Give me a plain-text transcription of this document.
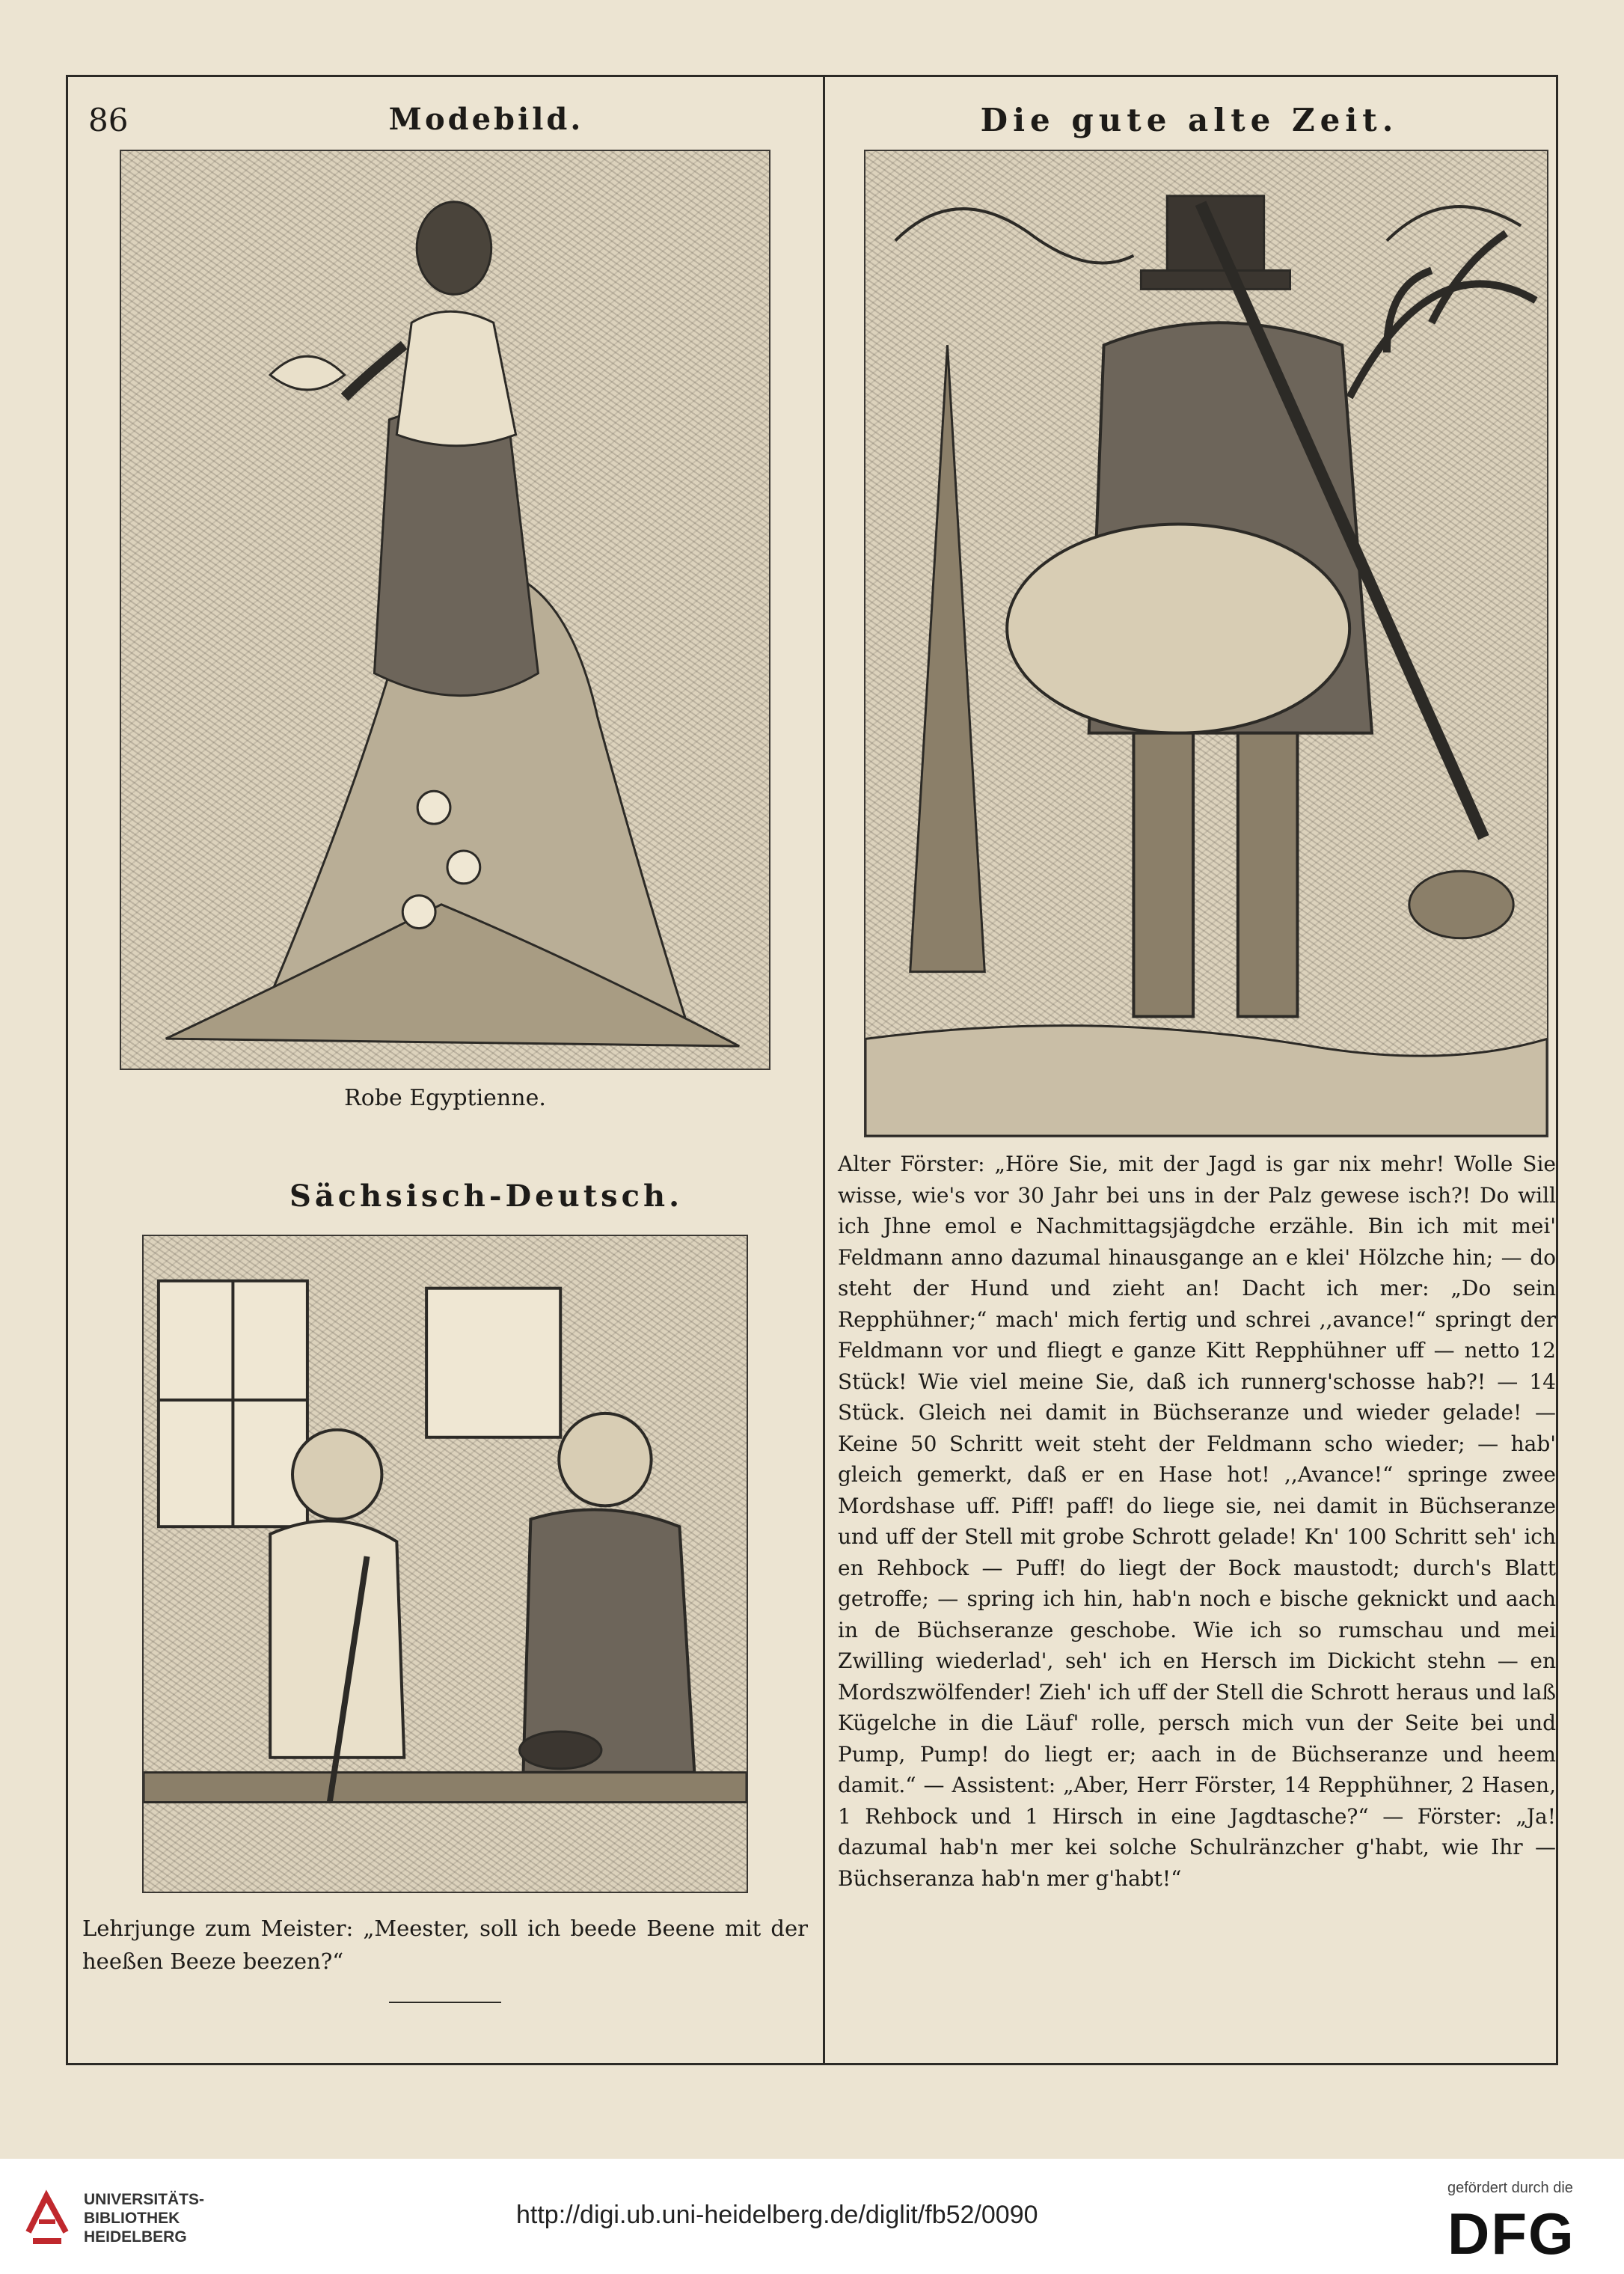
86	Modebild.	Die gute alte Zeit.
Robe Egyptienne.
Sächsisch-Deutsch.
Lehrjunge zum Meister: „Meester, soll ich beede Beene mit der heeßen Beeze beezen?“
Alter Förster: „Höre Sie, mit der Jagd is gar nix mehr! Wolle Sie wisse, wie's vor 30 Jahr bei uns in der Palz gewese isch?! Do will ich Jhne emol e Nachmittagsjägdche erzähle. Bin ich mit mei' Feldmann anno dazumal hinausgange an e klei' Hölzche hin; — do steht der Hund und zieht an! Dacht ich mer: „Do sein Repphühner;“ mach' mich fertig und schrei ,,avance!“ springt der Feldmann vor und fliegt e ganze Kitt Repphühner uff — netto 12 Stück! Wie viel meine Sie, daß ich runnerg'schosse hab?! — 14 Stück. Gleich nei damit in Büchseranze und wieder gelade! — Keine 50 Schritt weit steht der Feldmann scho wieder; — hab' gleich gemerkt, daß er en Hase hot! ,,Avance!“ springe zwee Mordshase uff. Piff! paff! do liege sie, nei damit in Büchseranze und uff der Stell mit grobe Schrott gelade! Kn' 100 Schritt seh' ich en Rehbock — Puff! do liegt der Bock maustodt; durch's Blatt getroffe; — spring ich hin, hab'n noch e bische geknickt und aach in de Büchseranze geschobe. Wie ich so rumschau und mei Zwilling wiederlad', seh' ich en Hersch im Dickicht stehn — en Mordszwölfender! Zieh' ich uff der Stell die Schrott heraus und laß Kügelche in die Läuf' rolle, persch mich vun der Seite bei und Pump, Pump! do liegt er; aach in de Büchseranze und heem damit.“ — Assistent: „Aber, Herr Förster, 14 Repphühner, 2 Hasen, 1 Rehbock und 1 Hirsch in eine Jagdtasche?“ — Förster: „Ja! dazumal hab'n mer kei solche Schulränzcher g'habt, wie Ihr — Büchseranza hab'n mer g'habt!“
UNIVERSITÄTS-
BIBLIOTHEK
HEIDELBERG
http://digi.ub.uni-heidelberg.de/diglit/fb52/0090
gefördert durch die
DFG
